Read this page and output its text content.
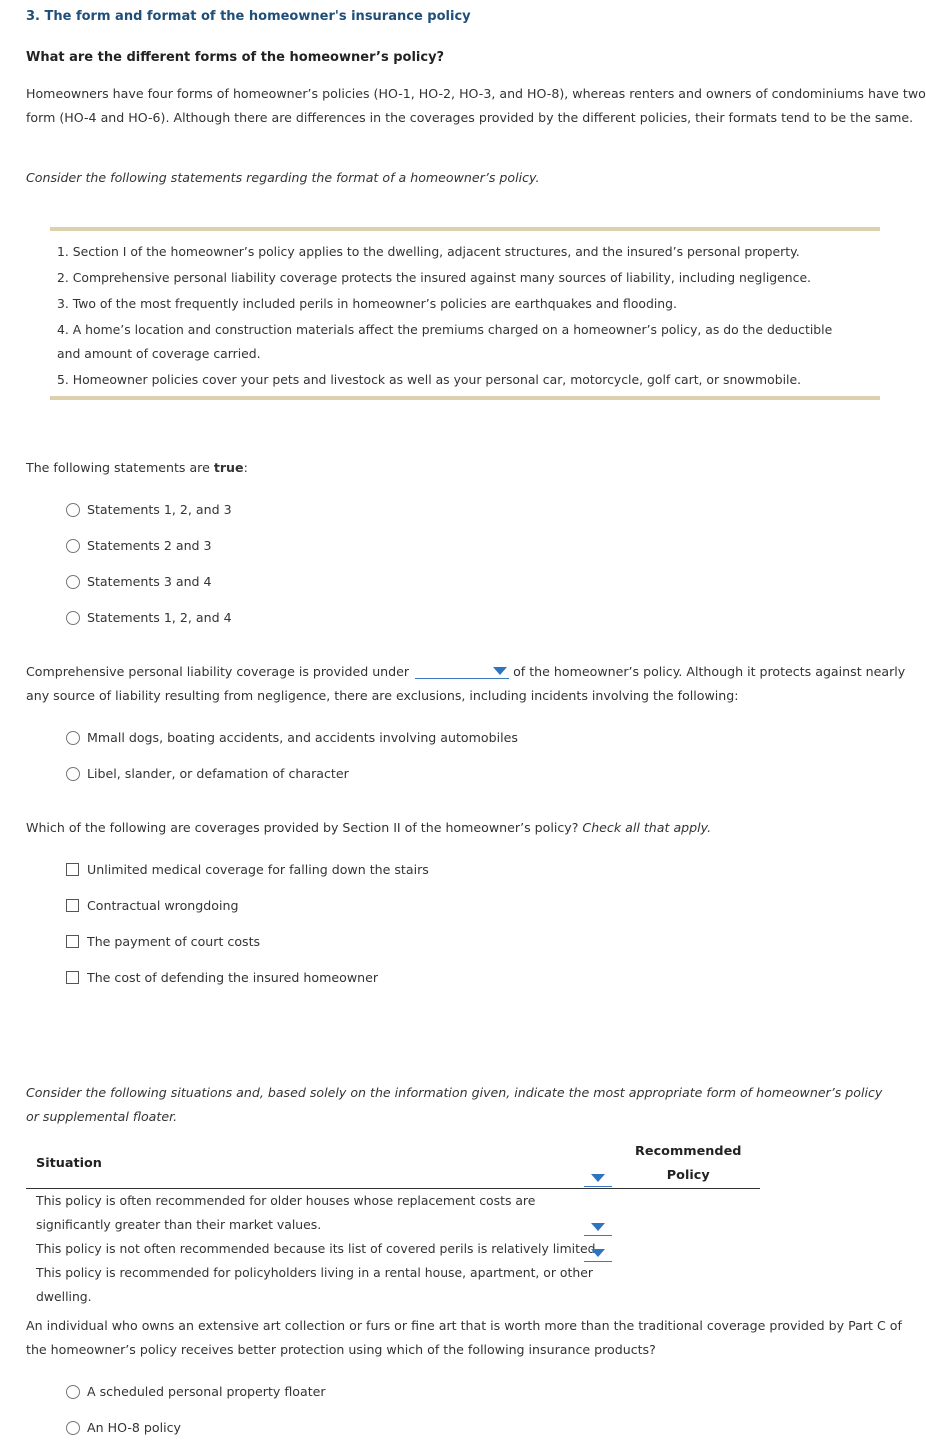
3. The form and format of the homeowner's insurance policy
What are the different forms of the homeowner’s policy?
Homeowners have four forms of homeowner’s policies (HO-1, HO-2, HO-3, and HO-8), whereas renters and owners of condominiums have two form (HO-4 and HO-6). Although there are differences in the coverages provided by the different policies, their formats tend to be the same.
Consider the following statements regarding the format of a homeowner’s policy.
1. Section I of the homeowner’s policy applies to the dwelling, adjacent structures, and the insured’s personal property.
2. Comprehensive personal liability coverage protects the insured against many sources of liability, including negligence.
3. Two of the most frequently included perils in homeowner’s policies are earthquakes and flooding.
4. A home’s location and construction materials affect the premiums charged on a homeowner’s policy, as do the deductible and amount of coverage carried.
5. Homeowner policies cover your pets and livestock as well as your personal car, motorcycle, golf cart, or snowmobile.
The following statements are true:
Statements 1, 2, and 3
Statements 2 and 3
Statements 3 and 4
Statements 1, 2, and 4
Comprehensive personal liability coverage is provided under	of the homeowner’s policy. Although it protects against nearly any source of liability resulting from negligence, there are exclusions, including incidents involving the following:
Mmall dogs, boating accidents, and accidents involving automobiles
Libel, slander, or defamation of character
Which of the following are coverages provided by Section II of the homeowner’s policy? Check all that apply.
Unlimited medical coverage for falling down the stairs
Contractual wrongdoing
The payment of court costs
The cost of defending the insured homeowner
Consider the following situations and, based solely on the information given, indicate the most appropriate form of homeowner’s policy or supplemental floater.
Situation	Recommended Policy
This policy is often recommended for older houses whose replacement costs are significantly greater than their market values.	
This policy is not often recommended because its list of covered perils is relatively limited.	
This policy is recommended for policyholders living in a rental house, apartment, or other dwelling.	
An individual who owns an extensive art collection or furs or fine art that is worth more than the traditional coverage provided by Part C of the homeowner’s policy receives better protection using which of the following insurance products?
A scheduled personal property floater
An HO-8 policy
